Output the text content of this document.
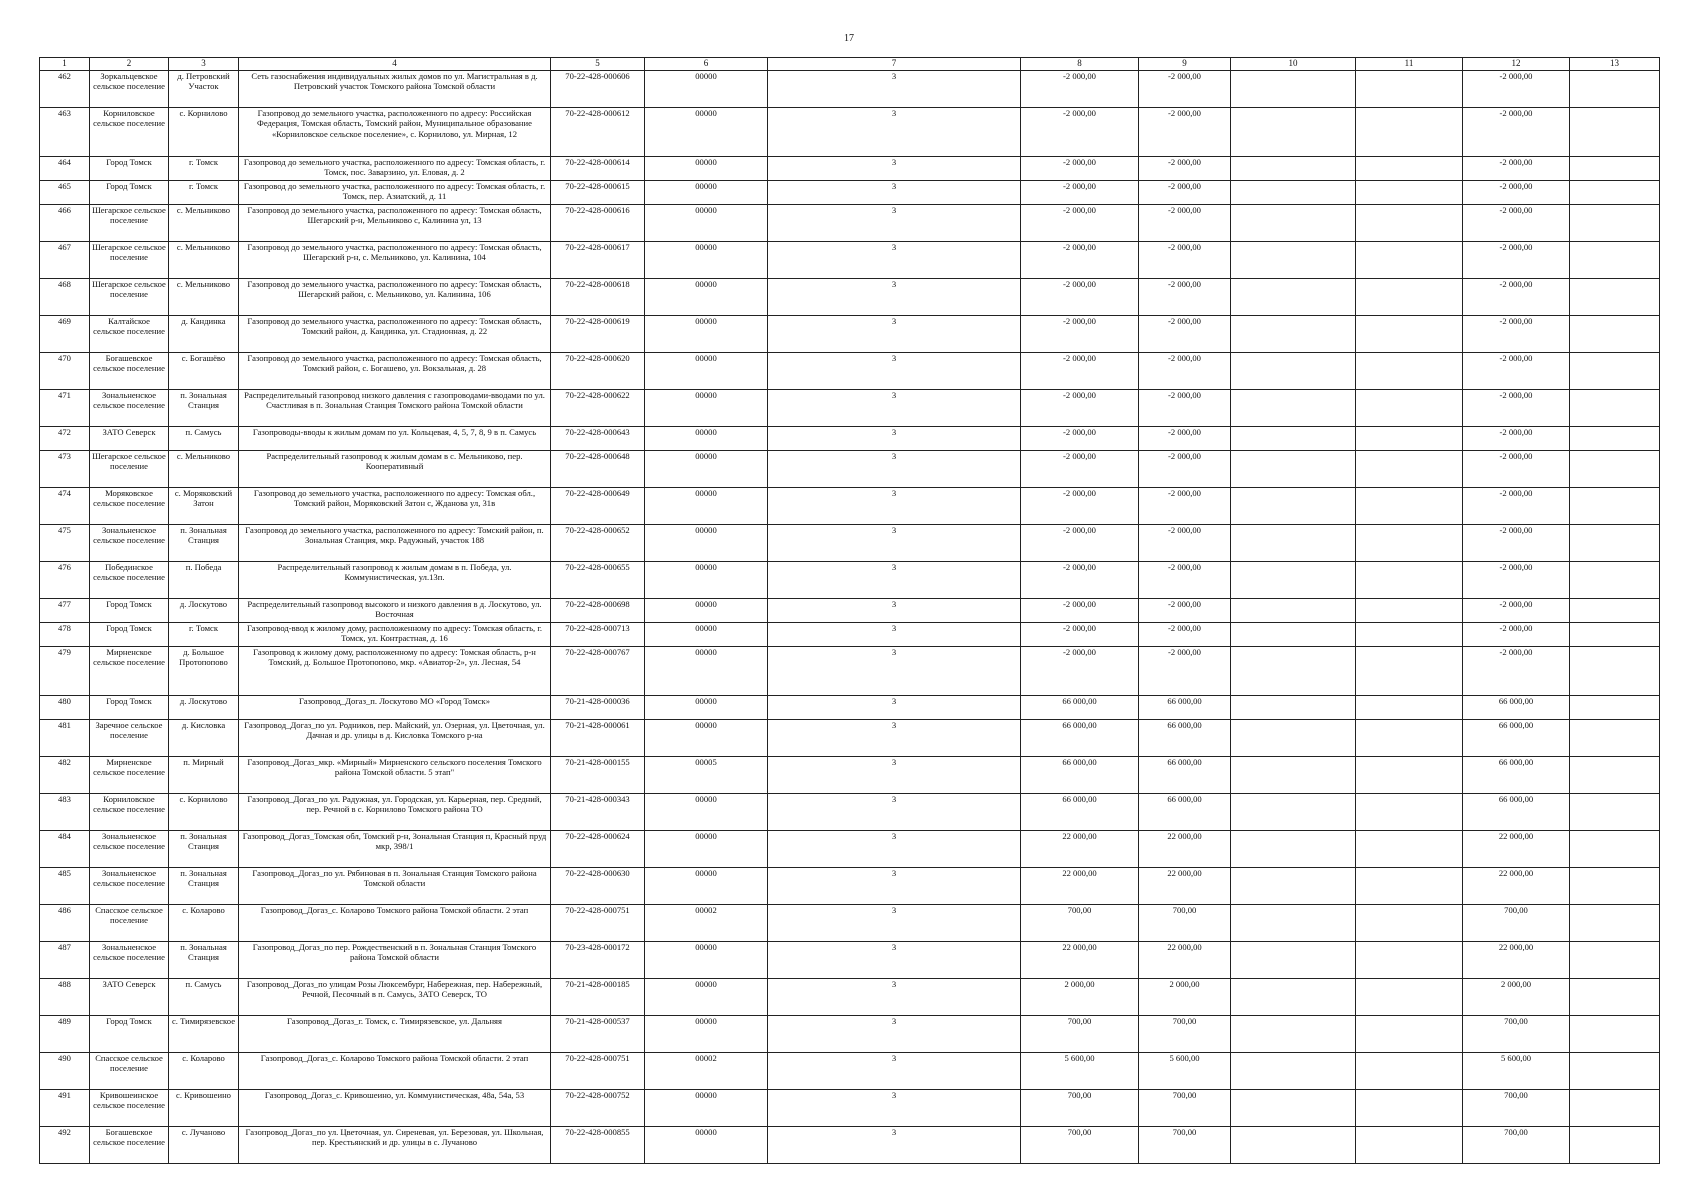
17
1	2	3	4	5	6	7	8	9	10	11	12	13
462	Зоркальцевское сельское поселение	д. Петровский Участок	Сеть газоснабжения индивидуальных жилых домов по ул. Магистральная в д. Петровский участок Томского района Томской области	70-22-428-000606	00000	3	-2 000,00	-2 000,00			-2 000,00	
463	Корниловское сельское поселение	с. Корнилово	Газопровод до земельного участка, расположенного по адресу: Российская Федерация, Томская область, Томский район, Муниципальное образование «Корниловское сельское поселение», с. Корнилово, ул. Мирная, 12	70-22-428-000612	00000	3	-2 000,00	-2 000,00			-2 000,00	
464	Город Томск	г. Томск	Газопровод до земельного участка, расположенного по адресу: Томская область, г. Томск, пос. Заварзино, ул. Еловая, д. 2	70-22-428-000614	00000	3	-2 000,00	-2 000,00			-2 000,00	
465	Город Томск	г. Томск	Газопровод до земельного участка, расположенного по адресу: Томская область, г. Томск, пер. Азиатский, д. 11	70-22-428-000615	00000	3	-2 000,00	-2 000,00			-2 000,00	
466	Шегарское сельское поселение	с. Мельниково	Газопровод до земельного участка, расположенного по адресу: Томская область, Шегарский р-н, Мельниково с, Калинина ул, 13	70-22-428-000616	00000	3	-2 000,00	-2 000,00			-2 000,00	
467	Шегарское сельское поселение	с. Мельниково	Газопровод до земельного участка, расположенного по адресу: Томская область, Шегарский р-н, с. Мельниково, ул. Калинина, 104	70-22-428-000617	00000	3	-2 000,00	-2 000,00			-2 000,00	
468	Шегарское сельское поселение	с. Мельниково	Газопровод до земельного участка, расположенного по адресу: Томская область, Шегарский район, с. Мельниково, ул. Калинина, 106	70-22-428-000618	00000	3	-2 000,00	-2 000,00			-2 000,00	
469	Калтайское сельское поселение	д. Кандинка	Газопровод до земельного участка, расположенного по адресу: Томская область, Томский район, д. Кандинка, ул. Стадионная, д. 22	70-22-428-000619	00000	3	-2 000,00	-2 000,00			-2 000,00	
470	Богашевское сельское поселение	с. Богашёво	Газопровод до земельного участка, расположенного по адресу: Томская область, Томский район, с. Богашево, ул. Вокзальная, д. 28	70-22-428-000620	00000	3	-2 000,00	-2 000,00			-2 000,00	
471	Зональненское сельское поселение	п. Зональная Станция	Распределительный газопровод низкого давления с газопроводами-вводами по ул. Счастливая в п. Зональная Станция Томского района Томской области	70-22-428-000622	00000	3	-2 000,00	-2 000,00			-2 000,00	
472	ЗАТО Северск	п. Самусь	Газопроводы-вводы к жилым домам по ул. Кольцевая, 4, 5, 7, 8, 9 в п. Самусь	70-22-428-000643	00000	3	-2 000,00	-2 000,00			-2 000,00	
473	Шегарское сельское поселение	с. Мельниково	Распределительный газопровод к жилым домам в с. Мельниково, пер. Кооперативный	70-22-428-000648	00000	3	-2 000,00	-2 000,00			-2 000,00	
474	Моряковское сельское поселение	с. Моряковский Затон	Газопровод до земельного участка, расположенного по адресу: Томская обл., Томский район, Моряковский Затон с, Жданова ул, 31в	70-22-428-000649	00000	3	-2 000,00	-2 000,00			-2 000,00	
475	Зональненское сельское поселение	п. Зональная Станция	Газопровод до земельного участка, расположенного по адресу: Томский район, п. Зональная Станция, мкр. Радужный, участок 188	70-22-428-000652	00000	3	-2 000,00	-2 000,00			-2 000,00	
476	Побединское сельское поселение	п. Победа	Распределительный газопровод к жилым домам в п. Победа, ул. Коммунистическая, ул.13п.	70-22-428-000655	00000	3	-2 000,00	-2 000,00			-2 000,00	
477	Город Томск	д. Лоскутово	Распределительный газопровод высокого и низкого давления в д. Лоскутово, ул. Восточная	70-22-428-000698	00000	3	-2 000,00	-2 000,00			-2 000,00	
478	Город Томск	г. Томск	Газопровод-ввод к жилому дому, расположенному по адресу: Томская область, г. Томск, ул. Контрастная, д. 16	70-22-428-000713	00000	3	-2 000,00	-2 000,00			-2 000,00	
479	Мирненское сельское поселение	д. Большое Протопопово	Газопровод к жилому дому, расположенному по адресу: Томская область, р-н Томский, д. Большое Протопопово, мкр. «Авиатор-2», ул. Лесная, 54	70-22-428-000767	00000	3	-2 000,00	-2 000,00			-2 000,00	
480	Город Томск	д. Лоскутово	Газопровод_Догаз_п. Лоскутово МО «Город Томск»	70-21-428-000036	00000	3	66 000,00	66 000,00			66 000,00	
481	Заречное сельское поселение	д. Кисловка	Газопровод_Догаз_по ул. Родников, пер. Майский, ул. Озерная, ул. Цветочная, ул. Дачная и др. улицы в д. Кисловка Томского р-на	70-21-428-000061	00000	3	66 000,00	66 000,00			66 000,00	
482	Мирненское сельское поселение	п. Мирный	Газопровод_Догаз_мкр. «Мирный» Мирненского сельского поселения Томского района Томской области. 5 этап"	70-21-428-000155	00005	3	66 000,00	66 000,00			66 000,00	
483	Корниловское сельское поселение	с. Корнилово	Газопровод_Догаз_по ул. Радужная, ул. Городская, ул. Карьерная, пер. Средний, пер. Речной в с. Корнилово Томского района ТО	70-21-428-000343	00000	3	66 000,00	66 000,00			66 000,00	
484	Зональненское сельское поселение	п. Зональная Станция	Газопровод_Догаз_Томская обл, Томский р-н, Зональная Станция п, Красный пруд мкр, 398/1	70-22-428-000624	00000	3	22 000,00	22 000,00			22 000,00	
485	Зональненское сельское поселение	п. Зональная Станция	Газопровод_Догаз_по ул. Рябиновая в п. Зональная Станция Томского района Томской области	70-22-428-000630	00000	3	22 000,00	22 000,00			22 000,00	
486	Спасское сельское поселение	с. Коларово	Газопровод_Догаз_с. Коларово Томского района Томской области. 2 этап	70-22-428-000751	00002	3	700,00	700,00			700,00	
487	Зональненское сельское поселение	п. Зональная Станция	Газопровод_Догаз_по пер. Рождественский в п. Зональная Станция Томского района Томской области	70-23-428-000172	00000	3	22 000,00	22 000,00			22 000,00	
488	ЗАТО Северск	п. Самусь	Газопровод_Догаз_по улицам Розы Люксембург, Набережная, пер. Набережный, Речной, Песочный в п. Самусь, ЗАТО Северск, ТО	70-21-428-000185	00000	3	2 000,00	2 000,00			2 000,00	
489	Город Томск	с. Тимирязевское	Газопровод_Догаз_г. Томск, с. Тимирязевское, ул. Дальняя	70-21-428-000537	00000	3	700,00	700,00			700,00	
490	Спасское сельское поселение	с. Коларово	Газопровод_Догаз_с. Коларово Томского района Томской области. 2 этап	70-22-428-000751	00002	3	5 600,00	5 600,00			5 600,00	
491	Кривошеинское сельское поселение	с. Кривошеино	Газопровод_Догаз_с. Кривошеино, ул. Коммунистическая, 48а, 54а, 53	70-22-428-000752	00000	3	700,00	700,00			700,00	
492	Богашевское сельское поселение	с. Лучаново	Газопровод_Догаз_по ул. Цветочная, ул. Сиреневая, ул. Березовая, ул. Школьная, пер. Крестьянский и др. улицы в с. Лучаново	70-22-428-000855	00000	3	700,00	700,00			700,00	
